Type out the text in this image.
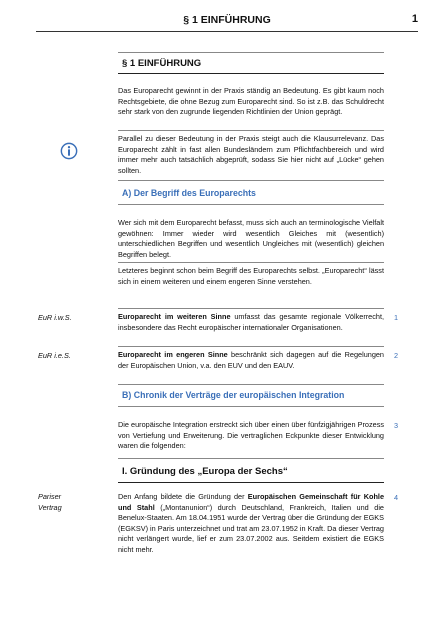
§ 1 EINFÜHRUNG	1

§ 1 EINFÜHRUNG

Das Europarecht gewinnt in der Praxis ständig an Bedeutung. Es gibt kaum noch Rechtsgebiete, die ohne Bezug zum Europarecht sind. So ist z.B. das Schuldrecht sehr stark von den zugrunde liegenden Richtlinien der Union geprägt.

Parallel zu dieser Bedeutung in der Praxis steigt auch die Klausurrelevanz. Das Europarecht zählt in fast allen Bundesländern zum Pflichtfachbereich und wird immer mehr auch tatsächlich abgeprüft, sodass Sie hier nicht auf „Lücke“ gehen sollten.

A) Der Begriff des Europarechts

Wer sich mit dem Europarecht befasst, muss sich auch an terminologische Vielfalt gewöhnen: Immer wieder wird wesentlich Gleiches mit (wesentlich) unterschiedlichen Begriffen und wesentlich Ungleiches mit (wesentlich) gleichen Begriffen belegt.

Letzteres beginnt schon beim Begriff des Europarechts selbst. „Europarecht“ lässt sich in einem weiteren und einem engeren Sinne verstehen.

EuR i.w.S.	Europarecht im weiteren Sinne umfasst das gesamte regionale Völkerrecht, insbesondere das Recht europäischer internationaler Organisationen.

1

EuR i.e.S.	Europarecht im engeren Sinne beschränkt sich dagegen auf die Regelungen der Europäischen Union, v.a. den EUV und den EAUV.

2

B) Chronik der Verträge der europäischen Integration

Die europäische Integration erstreckt sich über einen über fünfzigjährigen Prozess von Vertiefung und Erweiterung. Die vertraglichen Eckpunkte dieser Entwicklung waren die folgenden:

3

I. Gründung des „Europa der Sechs“

Pariser

Vertrag

Den Anfang bildete die Gründung der Europäischen Gemeinschaft für Kohle und Stahl („Montanunion“) durch Deutschland, Frankreich, Italien und die Benelux-Staaten. Am 18.04.1951 wurde der Vertrag über die Gründung der EGKS (EGKSV) in Paris unterzeichnet und trat am 23.07.1952 in Kraft. Da dieser Vertrag nicht verlängert wurde, lief er zum 23.07.2002 aus. Seitdem existiert die EGKS nicht mehr.

4
